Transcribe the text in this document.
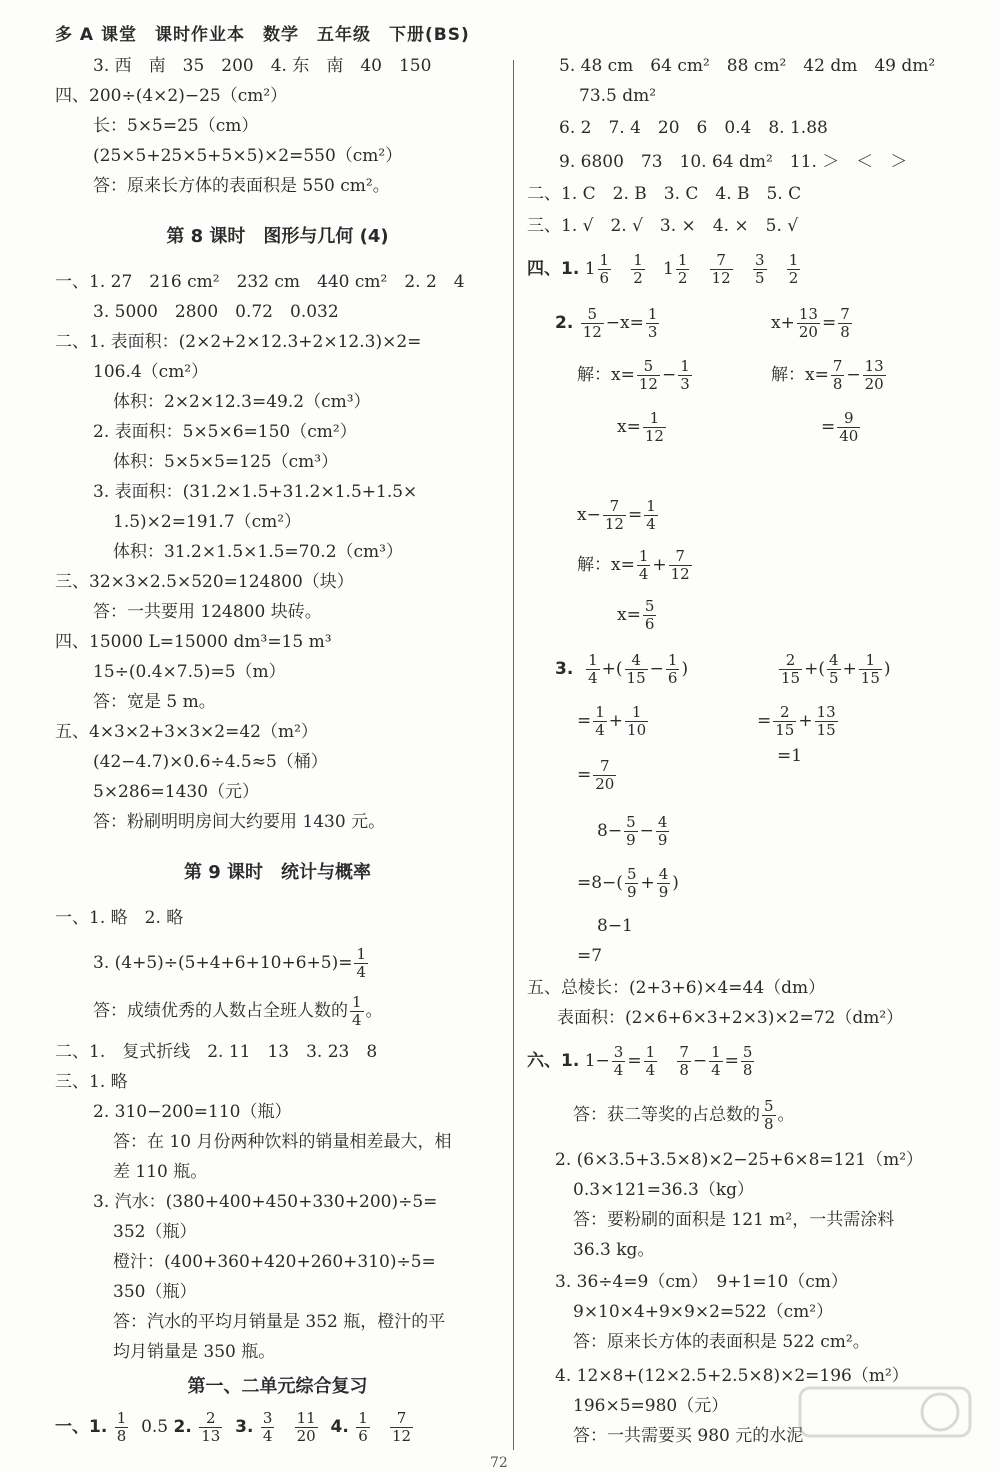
多 A 课堂　课时作业本　数学　五年级　下册(BS)
第 8 课时　图形与几何 (4)
第 9 课时　统计与概率
第一、二单元综合复习
3. $(4+5)\div(5+4+6+10+6+5)= \frac{1}{4}$
答：成绩优秀的人数占全班人数的 $\frac{1}{4}$ 。
一、1. $\frac{1}{8} 0.5$ 2. $\frac{2}{13} 3$. $\frac{3}{4}$
$\frac{11}{20} 4$. $\frac{1}{6}$
$\frac{7}{12}$
3. 西　南　35　200　4. 东　南　40　150
四、200÷(4×2)−25（cm²）
长：5×5=25（cm）
(25×5+25×5+5×5)×2=550（cm²）
答：原来长方体的表面积是 550 cm²。
一、1. 27　216 cm²　232 cm　440 cm²　2. 2　4
3. 5000　2800　0.72　0.032
二、1. 表面积：(2×2+2×12.3+2×12.3)×2=
106.4（cm²）
体积：2×2×12.3=49.2（cm³）
2. 表面积：5×5×6=150（cm²）
体积：5×5×5=125（cm³）
3. 表面积：(31.2×1.5+31.2×1.5+1.5×
1.5)×2=191.7（cm²）
体积：31.2×1.5×1.5=70.2（cm³）
三、32×3×2.5×520=124800（块）
答：一共要用 124800 块砖。
四、15000 L=15000 dm³=15 m³
15÷(0.4×7.5)=5（m）
答：宽是 5 m。
五、4×3×2+3×3×2=42（m²）
(42−4.7)×0.6÷4.5≈5（桶）
5×286=1430（元）
答：粉刷明明房间大约要用 1430 元。
一、1. 略　2. 略
二、1.　复式折线　2. 11　13　3. 23　8
三、1. 略
2. 310−200=110（瓶）
答：在 10 月份两种饮料的销量相差最大，相
差 110 瓶。
3. 汽水：(380+400+450+330+200)÷5=
352（瓶）
橙汁：(400+360+420+260+310)÷5=
350（瓶）
答：汽水的平均月销量是 352 瓶，橙汁的平
均月销量是 350 瓶。
四、1. $1 \frac{1}{6}$
$\frac{1}{2} 1 \frac{1}{2}$
$\frac{7}{12}$
$\frac{3}{5}$
$\frac{1}{2}$
2. $\frac{5}{12} -x= \frac{1}{3}$	$x+ \frac{13}{20} = \frac{7}{8}$
解：$x= \frac{5}{12} - \frac{1}{3}$	解：$x= \frac{7}{8} - \frac{13}{20}$
$x= \frac{1}{12}$	= $\frac{9}{40}$
$x- \frac{7}{12} = \frac{1}{4}$
解：$x= \frac{1}{4} + \frac{7}{12}$
$x= \frac{5}{6}$
3. $\frac{1}{4}$ +( $\frac{4}{15} - \frac{1}{6}$ )	$\frac{2}{15}$ +( $\frac{4}{5} + \frac{1}{15}$ )
= $\frac{1}{4} + \frac{1}{10}$	= $\frac{2}{15} + \frac{13}{15}$
= $\frac{7}{20}$
$8- \frac{5}{9} - \frac{4}{9}$
$=8-( \frac{5}{9} + \frac{4}{9}$ )
六、1. $1- \frac{3}{4} = \frac{1}{4}$
$\frac{7}{8} - \frac{1}{4} = \frac{5}{8}$
答：获二等奖的占总数的 $\frac{5}{8}$ 。
5. 48 cm　64 cm²　88 cm²　42 dm　49 dm²
73.5 dm²
6. 2　7. 4　20　6　0.4　8. 1.88
9. 6800　73　10. 64 dm²　11. ＞　＜　＞
二、1. C　2. B　3. C　4. B　5. C
三、1. √　2. √　3. ×　4. ×　5. √
=1
8−1
=7
五、总棱长：(2+3+6)×4=44（dm）
表面积：(2×6+6×3+2×3)×2=72（dm²）
2. (6×3.5+3.5×8)×2−25+6×8=121（m²）
0.3×121=36.3（kg）
答：要粉刷的面积是 121 m²，一共需涂料
36.3 kg。
3. 36÷4=9（cm）　9+1=10（cm）
9×10×4+9×9×2=522（cm²）
答：原来长方体的表面积是 522 cm²。
4. 12×8+(12×2.5+2.5×8)×2=196（m²）
196×5=980（元）
答：一共需要买 980 元的水泥
72
